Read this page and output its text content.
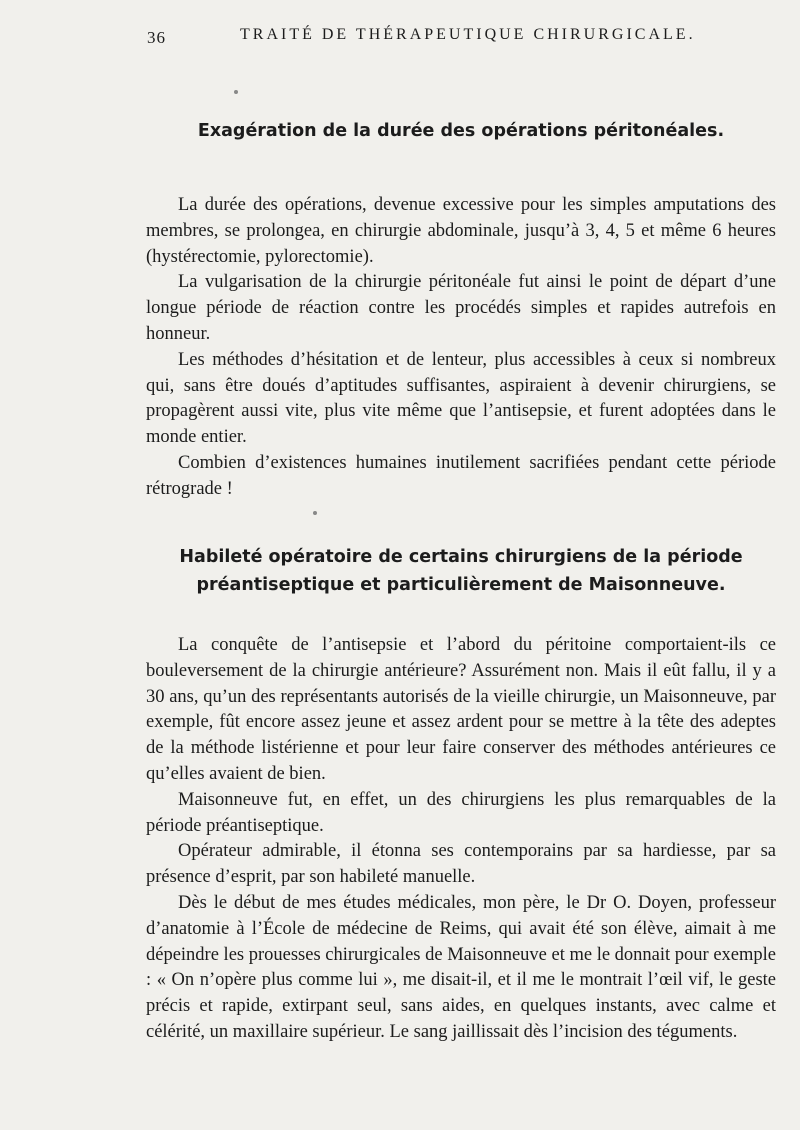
36	TRAITÉ DE THÉRAPEUTIQUE CHIRURGICALE.
Exagération de la durée des opérations péritonéales.

La durée des opérations, devenue excessive pour les simples amputations des membres, se prolongea, en chirurgie abdominale, jusqu’à 3, 4, 5 et même 6 heures (hystérectomie, pylorectomie).

La vulgarisation de la chirurgie péritonéale fut ainsi le point de départ d’une longue période de réaction contre les procédés simples et rapides autrefois en honneur.

Les méthodes d’hésitation et de lenteur, plus accessibles à ceux si nombreux qui, sans être doués d’aptitudes suffisantes, aspiraient à devenir chirurgiens, se propagèrent aussi vite, plus vite même que l’antisepsie, et furent adoptées dans le monde entier.

Combien d’existences humaines inutilement sacrifiées pendant cette période rétrograde !

Habileté opératoire de certains chirurgiens de la période
préantiseptique et particulièrement de Maisonneuve.

La conquête de l’antisepsie et l’abord du péritoine comportaient-ils ce bouleversement de la chirurgie antérieure? Assurément non. Mais il eût fallu, il y a 30 ans, qu’un des représentants autorisés de la vieille chirurgie, un Maisonneuve, par exemple, fût encore assez jeune et assez ardent pour se mettre à la tête des adeptes de la méthode listérienne et pour leur faire conserver des méthodes antérieures ce qu’elles avaient de bien.

Maisonneuve fut, en effet, un des chirurgiens les plus remarquables de la période préantiseptique.

Opérateur admirable, il étonna ses contemporains par sa hardiesse, par sa présence d’esprit, par son habileté manuelle.

Dès le début de mes études médicales, mon père, le Dr O. Doyen, professeur d’anatomie à l’École de médecine de Reims, qui avait été son élève, aimait à me dépeindre les prouesses chirurgicales de Maisonneuve et me le donnait pour exemple : « On n’opère plus comme lui », me disait-il, et il me le montrait l’œil vif, le geste précis et rapide, extirpant seul, sans aides, en quelques instants, avec calme et célérité, un maxillaire supérieur. Le sang jaillissait dès l’incision des téguments.
